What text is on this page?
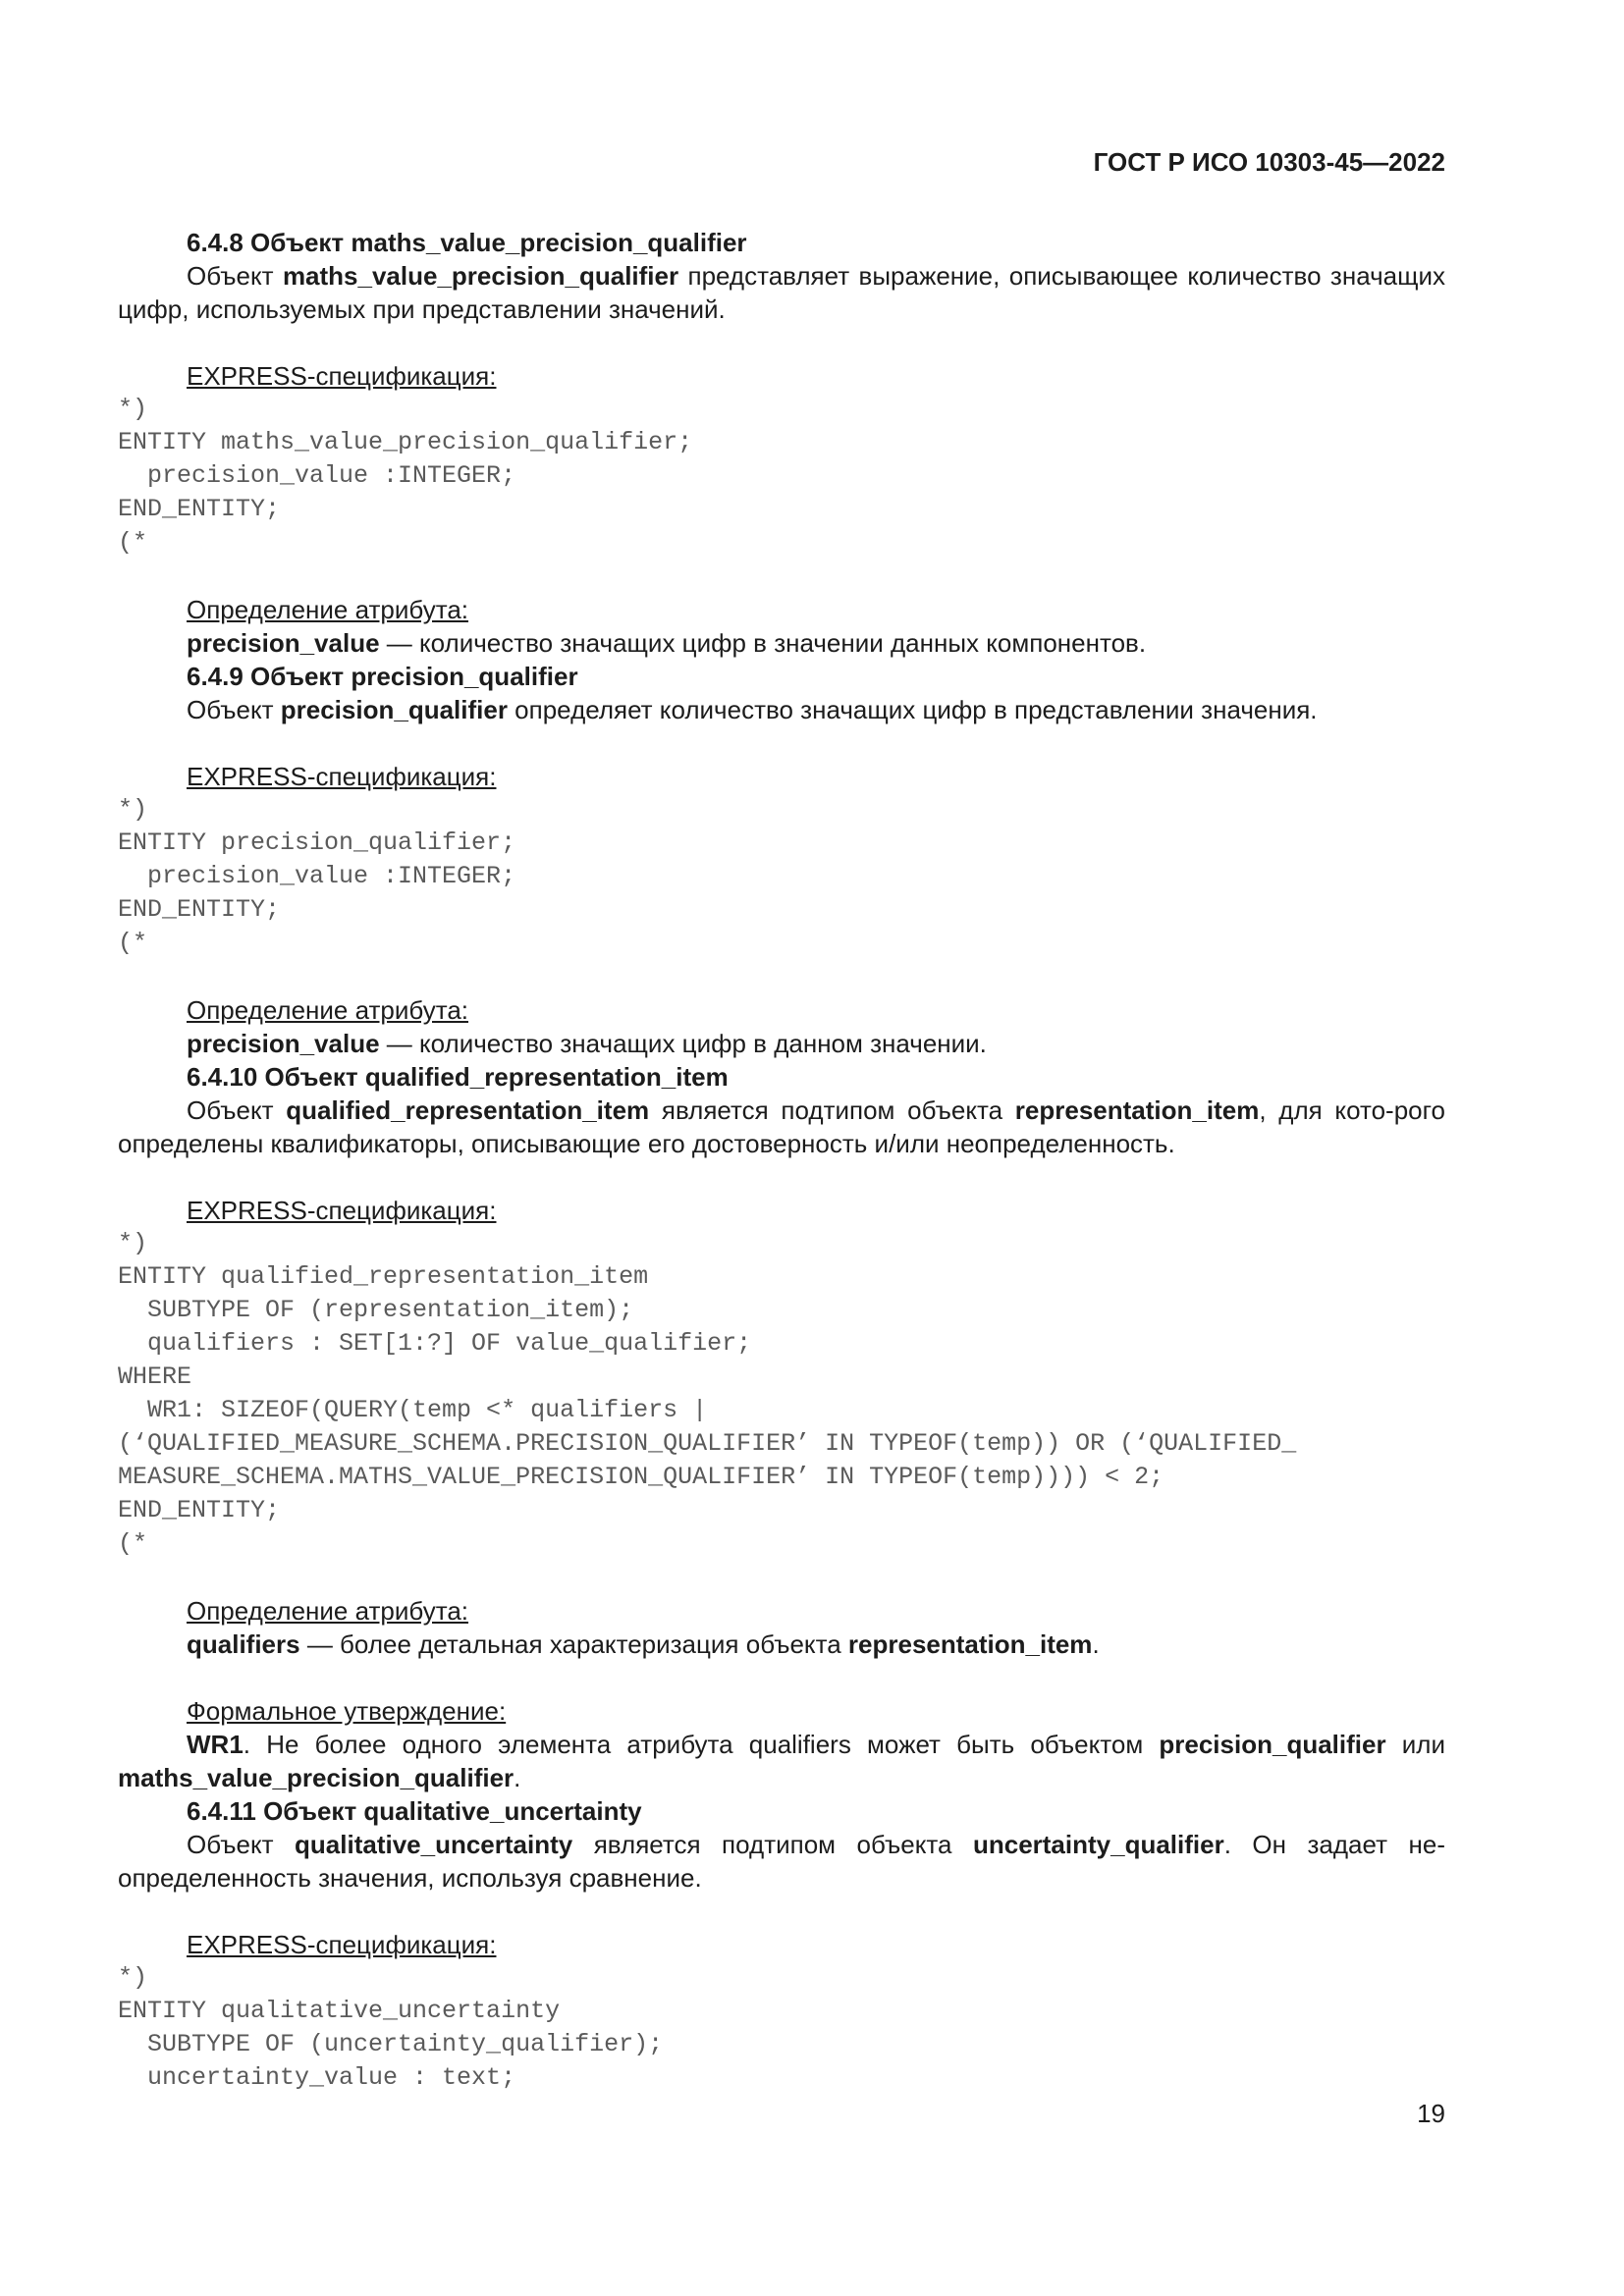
ГОСТ Р ИСО 10303-45—2022

6.4.8 Объект maths_value_precision_qualifier

Объект maths_value_precision_qualifier представляет выражение, описывающее количество значащих цифр, используемых при представлении значений.

EXPRESS-спецификация:

*)
ENTITY maths_value_precision_qualifier;
precision_value :INTEGER;
END_ENTITY;
(*

Определение атрибута:

precision_value — количество значащих цифр в значении данных компонентов.

6.4.9 Объект precision_qualifier

Объект precision_qualifier определяет количество значащих цифр в представлении значения.

EXPRESS-спецификация:

*)
ENTITY precision_qualifier;
precision_value :INTEGER;
END_ENTITY;
(*

Определение атрибута:

precision_value — количество значащих цифр в данном значении.

6.4.10 Объект qualified_representation_item

Объект qualified_representation_item является подтипом объекта representation_item, для кото-рого определены квалификаторы, описывающие его достоверность и/или неопределенность.

EXPRESS-спецификация:

*)
ENTITY qualified_representation_item
SUBTYPE OF (representation_item);
qualifiers : SET[1:?] OF value_qualifier;
WHERE
WR1: SIZEOF(QUERY(temp <* qualifiers |
(‘QUALIFIED_MEASURE_SCHEMA.PRECISION_QUALIFIER’ IN TYPEOF(temp)) OR (‘QUALIFIED_
MEASURE_SCHEMA.MATHS_VALUE_PRECISION_QUALIFIER’ IN TYPEOF(temp)))) < 2;
END_ENTITY;
(*

Определение атрибута:

qualifiers — более детальная характеризация объекта representation_item.

Формальное утверждение:

WR1. Не более одного элемента атрибута qualifiers может быть объектом precision_qualifier или maths_value_precision_qualifier.

6.4.11 Объект qualitative_uncertainty

Объект qualitative_uncertainty является подтипом объекта uncertainty_qualifier. Он задает не-определенность значения, используя сравнение.

EXPRESS-спецификация:

*)
ENTITY qualitative_uncertainty
SUBTYPE OF (uncertainty_qualifier);
uncertainty_value : text;
19
